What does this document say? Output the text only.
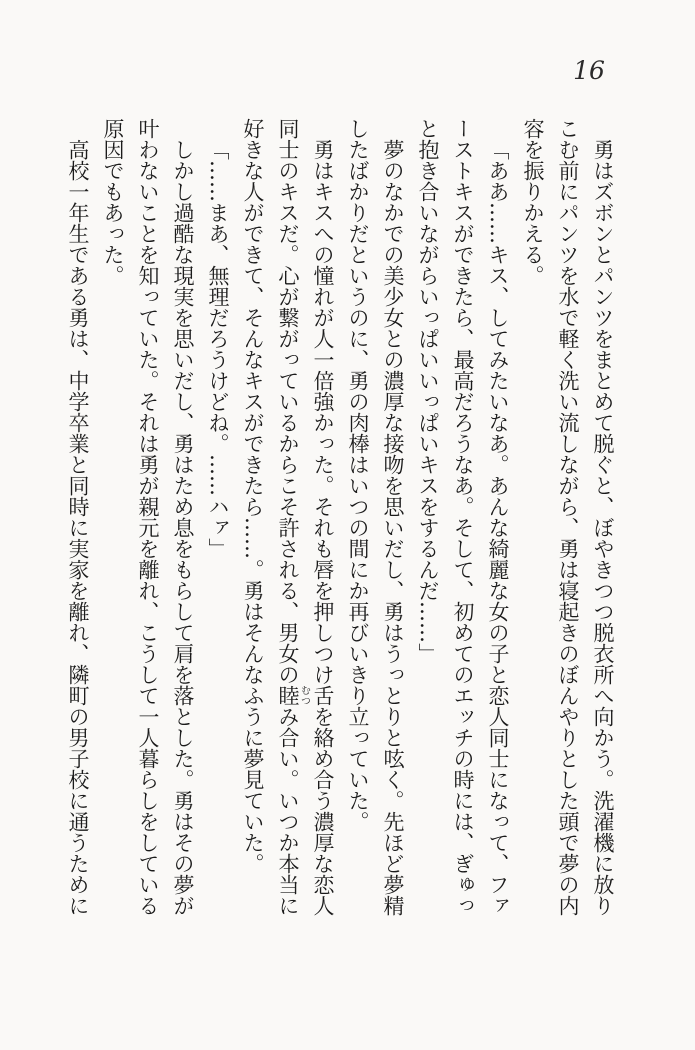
16

勇はズボンとパンツをまとめて脱ぐと、ぼやきつつ脱衣所へ向かう。洗濯機に放りこむ前にパンツを水で軽く洗い流しながら、勇は寝起きのぼんやりとした頭で夢の内容を振りかえる。

「ああ……キス、してみたいなあ。あんな綺麗な女の子と恋人同士になって、ファーストキスができたら、最高だろうなあ。そして、初めてのエッチの時には、ぎゅっと抱き合いながらいっぱいいっぱいキスをするんだ……」

夢のなかでの美少女との濃厚な接吻を思いだし、勇はうっとりと呟く。先ほど夢精したばかりだというのに、勇の肉棒はいつの間にか再びいきり立っていた。

勇はキスへの憧れが人一倍強かった。それも唇を押しつけ舌を絡め合う濃厚な恋人同士のキスだ。心が繋がっているからこそ許される、男女の睦むつみ合い。いつか本当に好きな人ができて、そんなキスができたら……。勇はそんなふうに夢見ていた。

「……まあ、無理だろうけどね。……ハァ」

しかし過酷な現実を思いだし、勇はため息をもらして肩を落とした。勇はその夢が叶わないことを知っていた。それは勇が親元を離れ、こうして一人暮らしをしている原因でもあった。

高校一年生である勇は、中学卒業と同時に実家を離れ、隣町の男子校に通うために
